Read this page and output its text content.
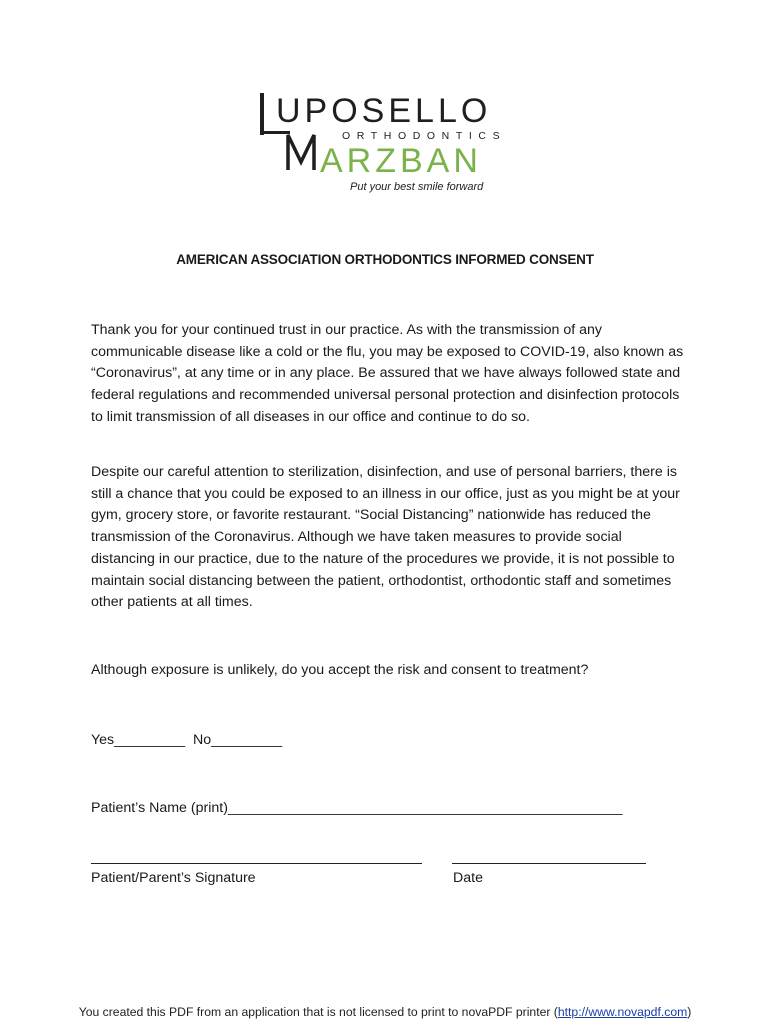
UPOSELLO
ORTHODONTICS
ARZBAN
Put your best smile forward
AMERICAN ASSOCIATION ORTHODONTICS INFORMED CONSENT

Thank you for your continued trust in our practice. As with the transmission of any communicable disease like a cold or the flu, you may be exposed to COVID-19, also known as “Coronavirus”, at any time or in any place. Be assured that we have always followed state and federal regulations and recommended universal personal protection and disinfection protocols to limit transmission of all diseases in our office and continue to do so.

Despite our careful attention to sterilization, disinfection, and use of personal barriers, there is still a chance that you could be exposed to an illness in our office, just as you might be at your gym, grocery store, or favorite restaurant. “Social Distancing” nationwide has reduced the transmission of the Coronavirus. Although we have taken measures to provide social distancing in our practice, due to the nature of the procedures we provide, it is not possible to maintain social distancing between the patient, orthodontist, orthodontic staff and sometimes other patients at all times.

Although exposure is unlikely, do you accept the risk and consent to treatment?
Yes_________  No_________
Patient’s Name (print)__________________________________________________
Patient/Parent’s Signature	Date
You created this PDF from an application that is not licensed to print to novaPDF printer (http://www.novapdf.com)
